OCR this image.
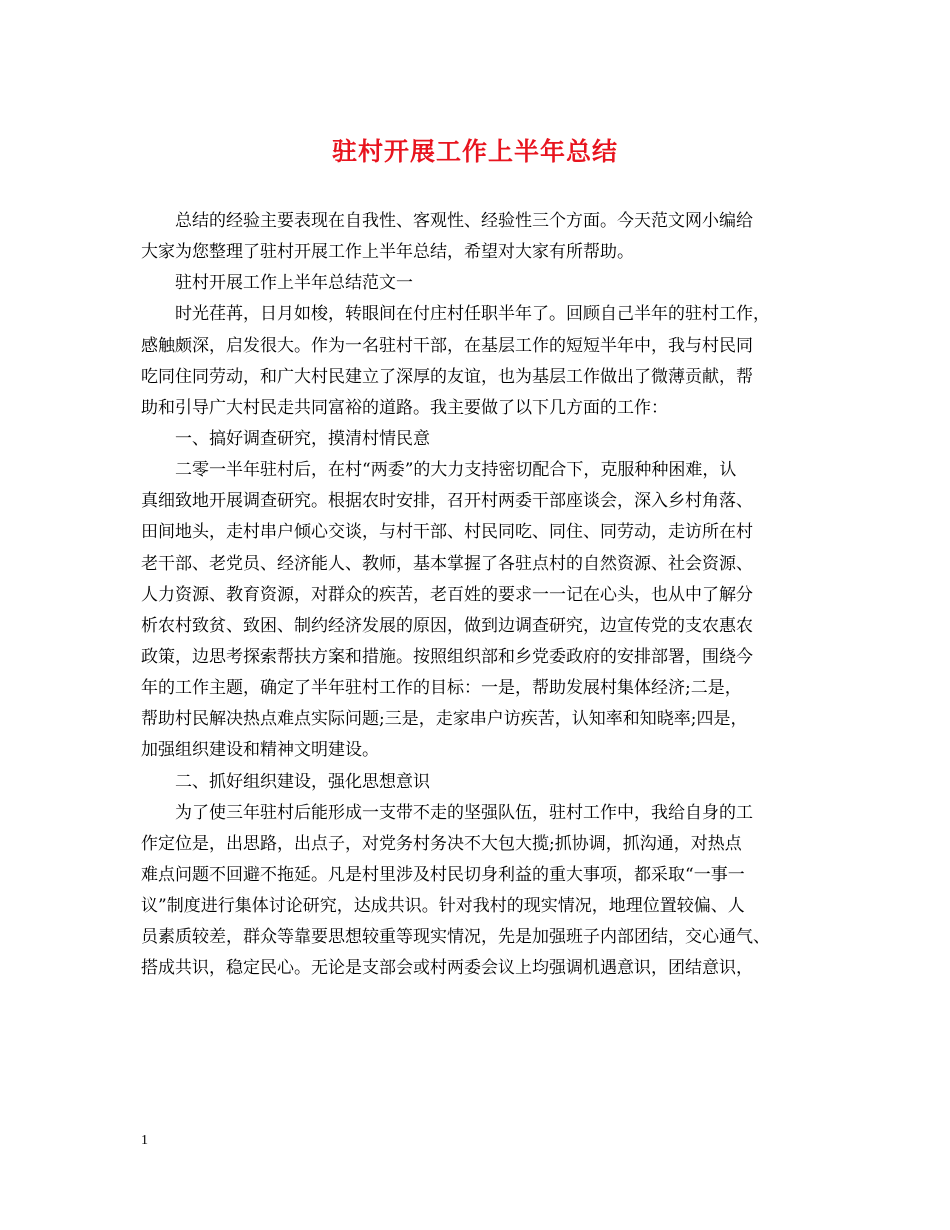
驻村开展工作上半年总结
总结的经验主要表现在自我性、客观性、经验性三个方面。今天范文网小编给
大家为您整理了驻村开展工作上半年总结，希望对大家有所帮助。
驻村开展工作上半年总结范文一
时光荏苒，日月如梭，转眼间在付庄村任职半年了。回顾自己半年的驻村工作，
感触颇深，启发很大。作为一名驻村干部，在基层工作的短短半年中，我与村民同
吃同住同劳动，和广大村民建立了深厚的友谊，也为基层工作做出了微薄贡献，帮
助和引导广大村民走共同富裕的道路。我主要做了以下几方面的工作：
一、搞好调查研究，摸清村情民意
二零一半年驻村后，在村“两委”的大力支持密切配合下，克服种种困难，认
真细致地开展调查研究。根据农时安排，召开村两委干部座谈会，深入乡村角落、
田间地头，走村串户倾心交谈，与村干部、村民同吃、同住、同劳动，走访所在村
老干部、老党员、经济能人、教师，基本掌握了各驻点村的自然资源、社会资源、
人力资源、教育资源，对群众的疾苦，老百姓的要求一一记在心头，也从中了解分
析农村致贫、致困、制约经济发展的原因，做到边调查研究，边宣传党的支农惠农
政策，边思考探索帮扶方案和措施。按照组织部和乡党委政府的安排部署，围绕今
年的工作主题，确定了半年驻村工作的目标：一是，帮助发展村集体经济;二是，
帮助村民解决热点难点实际问题;三是，走家串户访疾苦，认知率和知晓率;四是，
加强组织建设和精神文明建设。
二、抓好组织建设，强化思想意识
为了使三年驻村后能形成一支带不走的坚强队伍，驻村工作中，我给自身的工
作定位是，出思路，出点子，对党务村务决不大包大揽;抓协调，抓沟通，对热点
难点问题不回避不拖延。凡是村里涉及村民切身利益的重大事项，都采取“一事一
议”制度进行集体讨论研究，达成共识。针对我村的现实情况，地理位置较偏、人
员素质较差，群众等靠要思想较重等现实情况，先是加强班子内部团结，交心通气、
搭成共识，稳定民心。无论是支部会或村两委会议上均强调机遇意识，团结意识，
1
